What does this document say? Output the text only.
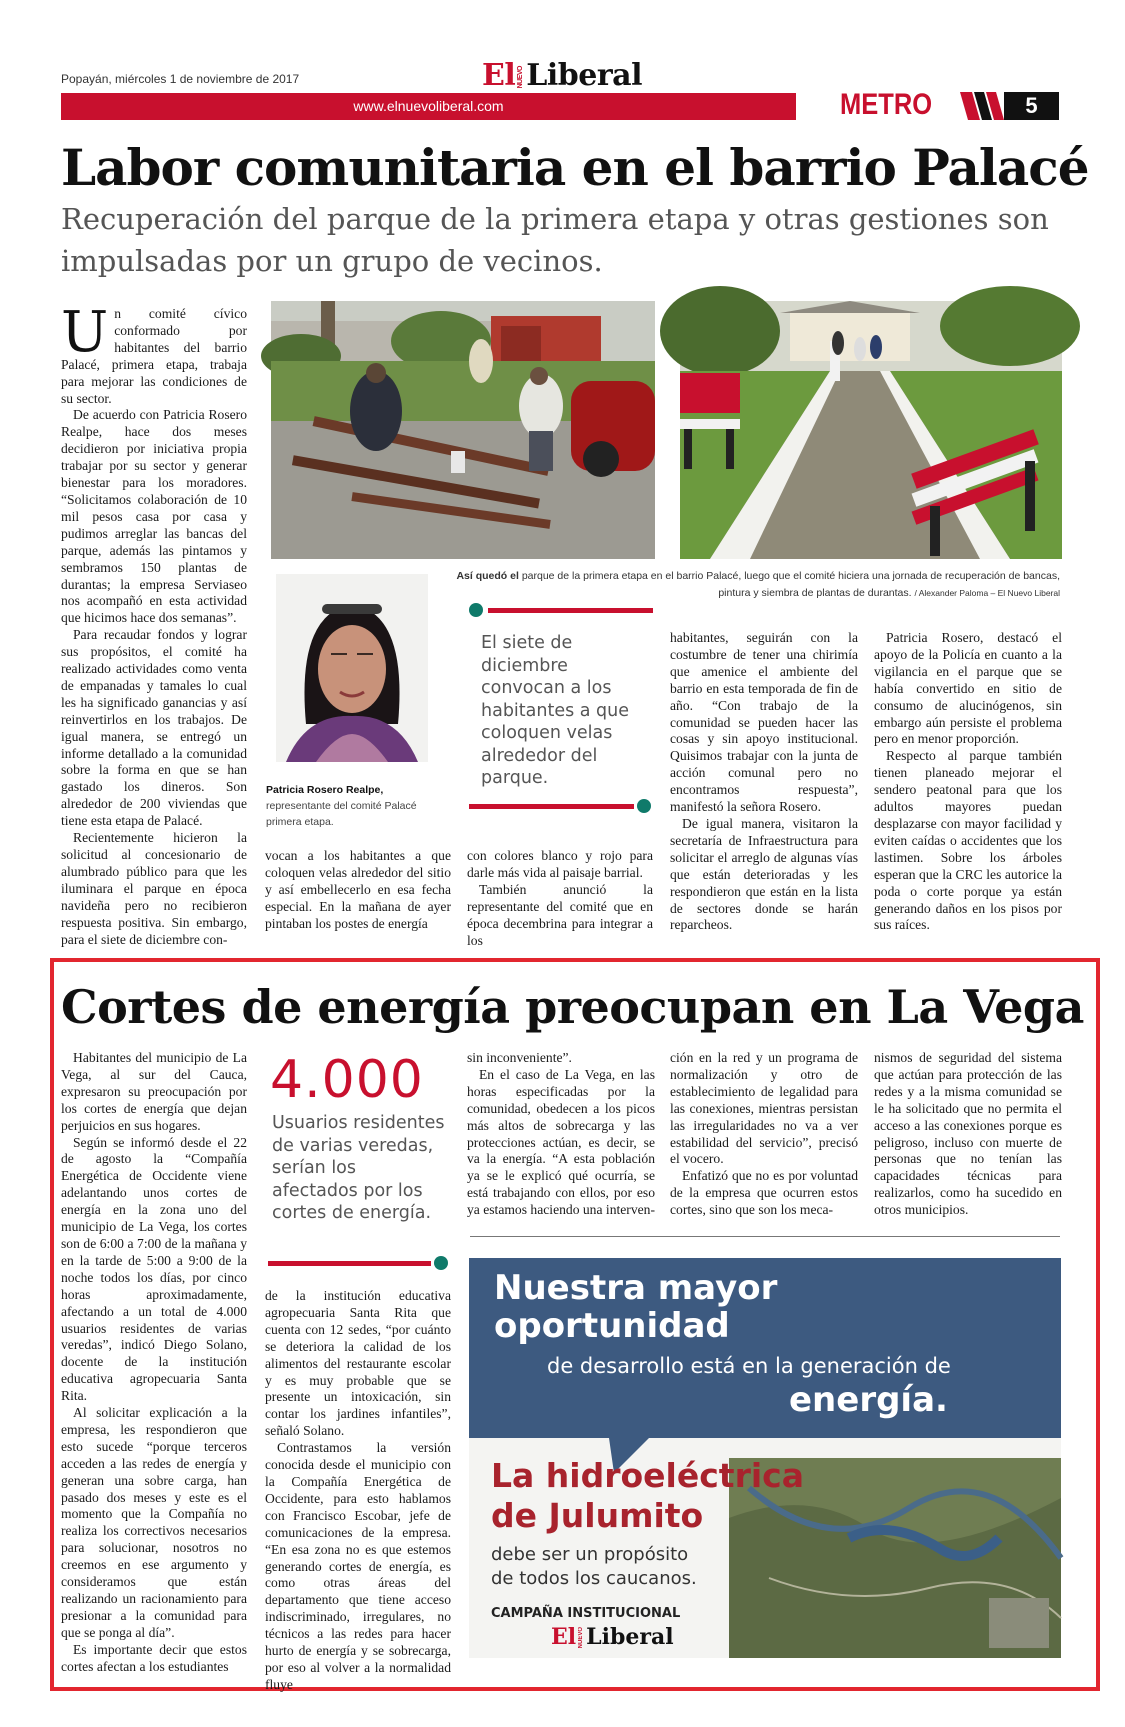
Popayán, miércoles 1 de noviembre de 2017	El NUEVOLiberal
www.elnuevoliberal.com	METRO	5
Labor comunitaria en el barrio Palacé
Recuperación del parque de la primera etapa y otras gestiones son impulsadas por un grupo de vecinos.
U n comité cívico conformado por habitantes del barrio Palacé, primera etapa, trabaja para mejorar las condiciones de su sector.

De acuerdo con Patricia Rosero Realpe, hace dos meses decidieron por iniciativa propia trabajar por su sector y generar bienestar para los moradores. “Solicitamos colaboración de 10 mil pesos casa por casa y pudimos arreglar las bancas del parque, además las pintamos y sembramos 150 plantas de durantas; la empresa Serviaseo nos acompañó en esta actividad que hicimos hace dos semanas”.

Para recaudar fondos y lograr sus propósitos, el comité ha realizado actividades como venta de empanadas y tamales lo cual les ha significado ganancias y así reinvertirlos en los trabajos. De igual manera, se entregó un informe detallado a la comunidad sobre la forma en que se han gastado los dineros. Son alrededor de 200 viviendas que tiene esta etapa de Palacé.

Recientemente hicieron la solicitud al concesionario de alumbrado público para que les iluminara el parque en época navideña pero no recibieron respuesta positiva. Sin embargo, para el siete de diciembre con-

Así quedó el parque de la primera etapa en el barrio Palacé, luego que el comité hiciera una jornada de recuperación de bancas, pintura y siembra de plantas de durantas. / Alexander Paloma – El Nuevo Liberal
Patricia Rosero Realpe, representante del comité Palacé primera etapa.

vocan a los habitantes a que coloquen velas alrededor del sitio y así embellecerlo en esa fecha especial. En la mañana de ayer pintaban los postes de energía

El siete de diciembre convocan a los habitantes a que coloquen velas alrededor del parque.

con colores blanco y rojo para darle más vida al paisaje barrial.

También anunció la representante del comité que en época decembrina para integrar a los

habitantes, seguirán con la costumbre de tener una chirimía que amenice el ambiente del barrio en esta temporada de fin de año. “Con trabajo de la comunidad se pueden hacer las cosas y sin apoyo institucional. Quisimos trabajar con la junta de acción comunal pero no encontramos respuesta”, manifestó la señora Rosero.

De igual manera, visitaron la secretaría de Infraestructura para solicitar el arreglo de algunas vías que están deterioradas y les respondieron que están en la lista de sectores donde se harán reparcheos.

Patricia Rosero, destacó el apoyo de la Policía en cuanto a la vigilancia en el parque que se había convertido en sitio de consumo de alucinógenos, sin embargo aún persiste el problema pero en menor proporción.

Respecto al parque también tienen planeado mejorar el sendero peatonal para que los adultos mayores puedan desplazarse con mayor facilidad y eviten caídas o accidentes que los lastimen. Sobre los árboles esperan que la CRC les autorice la poda o corte porque ya están generando daños en los pisos por sus raíces.

Cortes de energía preocupan en La Vega

Habitantes del municipio de La Vega, al sur del Cauca, expresaron su preocupación por los cortes de energía que dejan perjuicios en sus hogares.

Según se informó desde el 22 de agosto la “Compañía Energética de Occidente viene adelantando unos cortes de energía en la zona uno del municipio de La Vega, los cortes son de 6:00 a 7:00 de la mañana y en la tarde de 5:00 a 9:00 de la noche todos los días, por cinco horas aproximadamente, afectando a un total de 4.000 usuarios residentes de varias veredas”, indicó Diego Solano, docente de la institución educativa agropecuaria Santa Rita.

Al solicitar explicación a la empresa, les respondieron que esto sucede “porque terceros acceden a las redes de energía y generan una sobre carga, han pasado dos meses y este es el momento que la Compañía no realiza los correctivos necesarios para solucionar, nosotros no creemos en ese argumento y consideramos que están realizando un racionamiento para presionar a la comunidad para que se ponga al día”.

Es importante decir que estos cortes afectan a los estudiantes

4.000
Usuarios residentes de varias veredas, serían los afectados por los cortes de energía.

de la institución educativa agropecuaria Santa Rita que cuenta con 12 sedes, “por cuánto se deteriora la calidad de los alimentos del restaurante escolar y es muy probable que se presente un intoxicación, sin contar los jardines infantiles”, señaló Solano.

Contrastamos la versión conocida desde el municipio con la Compañía Energética de Occidente, para esto hablamos con Francisco Escobar, jefe de comunicaciones de la empresa. “En esa zona no es que estemos generando cortes de energía, es como otras áreas del departamento que tiene acceso indiscriminado, irregulares, no técnicos a las redes para hacer hurto de energía y se sobrecarga, por eso al volver a la normalidad fluye

sin inconveniente”.

En el caso de La Vega, en las horas especificadas por la comunidad, obedecen a los picos más altos de sobrecarga y las protecciones actúan, es decir, se va la energía. “A esta población ya se le explicó qué ocurría, se está trabajando con ellos, por eso ya estamos haciendo una interven-

ción en la red y un programa de normalización y otro de establecimiento de legalidad para las conexiones, mientras persistan las irregularidades no va a ver estabilidad del servicio”, precisó el vocero.

Enfatizó que no es por voluntad de la empresa que ocurren estos cortes, sino que son los meca-

nismos de seguridad del sistema que actúan para protección de las redes y a la misma comunidad se le ha solicitado que no permita el acceso a las conexiones porque es peligroso, incluso con muerte de personas que no tenían las capacidades técnicas para realizarlos, como ha sucedido en otros municipios.

Nuestra mayor
oportunidad
de desarrollo está en la generación de
energía.
La hidroeléctrica
de Julumito
debe ser un propósito
de todos los caucanos.
CAMPAÑA INSTITUCIONAL
El NUEVOLiberal
